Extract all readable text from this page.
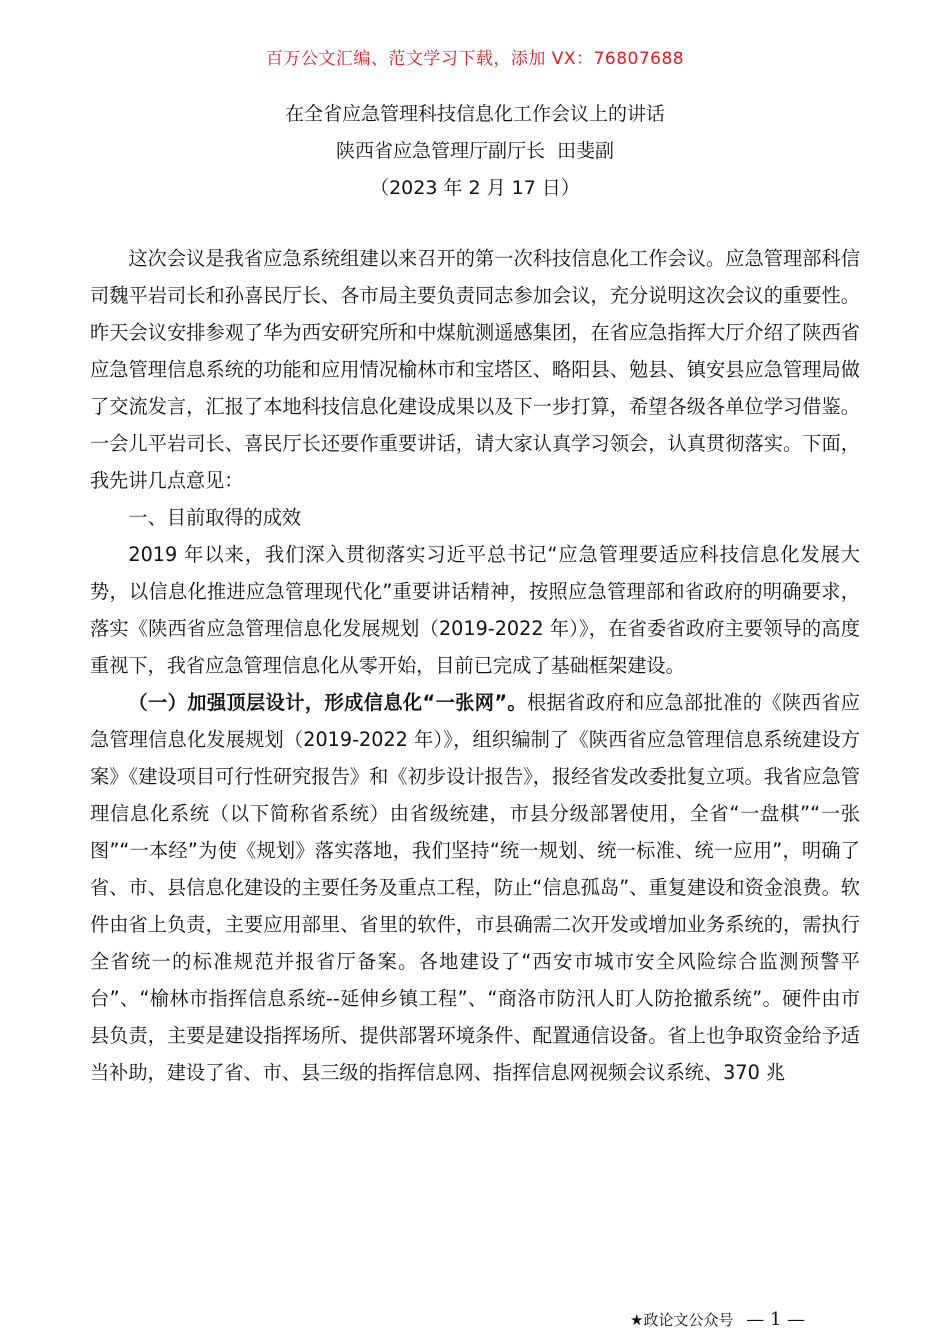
百万公文汇编、范文学习下载，添加 VX：76807688
在全省应急管理科技信息化工作会议上的讲话
陕西省应急管理厅副厅长  田斐副
（2023 年 2 月 17 日）

这次会议是我省应急系统组建以来召开的第一次科技信息化工作会议。应急管理部科信司魏平岩司长和孙喜民厅长、各市局主要负责同志参加会议，充分说明这次会议的重要性。昨天会议安排参观了华为西安研究所和中煤航测遥感集团，在省应急指挥大厅介绍了陕西省应急管理信息系统的功能和应用情况榆林市和宝塔区、略阳县、勉县、镇安县应急管理局做了交流发言，汇报了本地科技信息化建设成果以及下一步打算，希望各级各单位学习借鉴。一会儿平岩司长、喜民厅长还要作重要讲话，请大家认真学习领会，认真贯彻落实。下面，我先讲几点意见：

一、目前取得的成效

2019 年以来，我们深入贯彻落实习近平总书记“应急管理要适应科技信息化发展大势，以信息化推进应急管理现代化”重要讲话精神，按照应急管理部和省政府的明确要求，落实《陕西省应急管理信息化发展规划（2019-2022 年）》，在省委省政府主要领导的高度重视下，我省应急管理信息化从零开始，目前已完成了基础框架建设。

（一）加强顶层设计，形成信息化“一张网”。根据省政府和应急部批准的《陕西省应急管理信息化发展规划（2019-2022 年）》，组织编制了《陕西省应急管理信息系统建设方案》《建设项目可行性研究报告》和《初步设计报告》，报经省发改委批复立项。我省应急管理信息化系统（以下简称省系统）由省级统建，市县分级部署使用，全省“一盘棋”“一张图”“一本经”为使《规划》落实落地，我们坚持“统一规划、统一标准、统一应用”，明确了省、市、县信息化建设的主要任务及重点工程，防止“信息孤岛”、重复建设和资金浪费。软件由省上负责，主要应用部里、省里的软件，市县确需二次开发或增加业务系统的，需执行全省统一的标准规范并报省厅备案。各地建设了“西安市城市安全风险综合监测预警平台”、“榆林市指挥信息系统--延伸乡镇工程”、“商洛市防汛人盯人防抢撤系统”。硬件由市县负责，主要是建设指挥场所、提供部署环境条件、配置通信设备。省上也争取资金给予适当补助，建设了省、市、县三级的指挥信息网、指挥信息网视频会议系统、370 兆

★政论文公众号 — 1 —
